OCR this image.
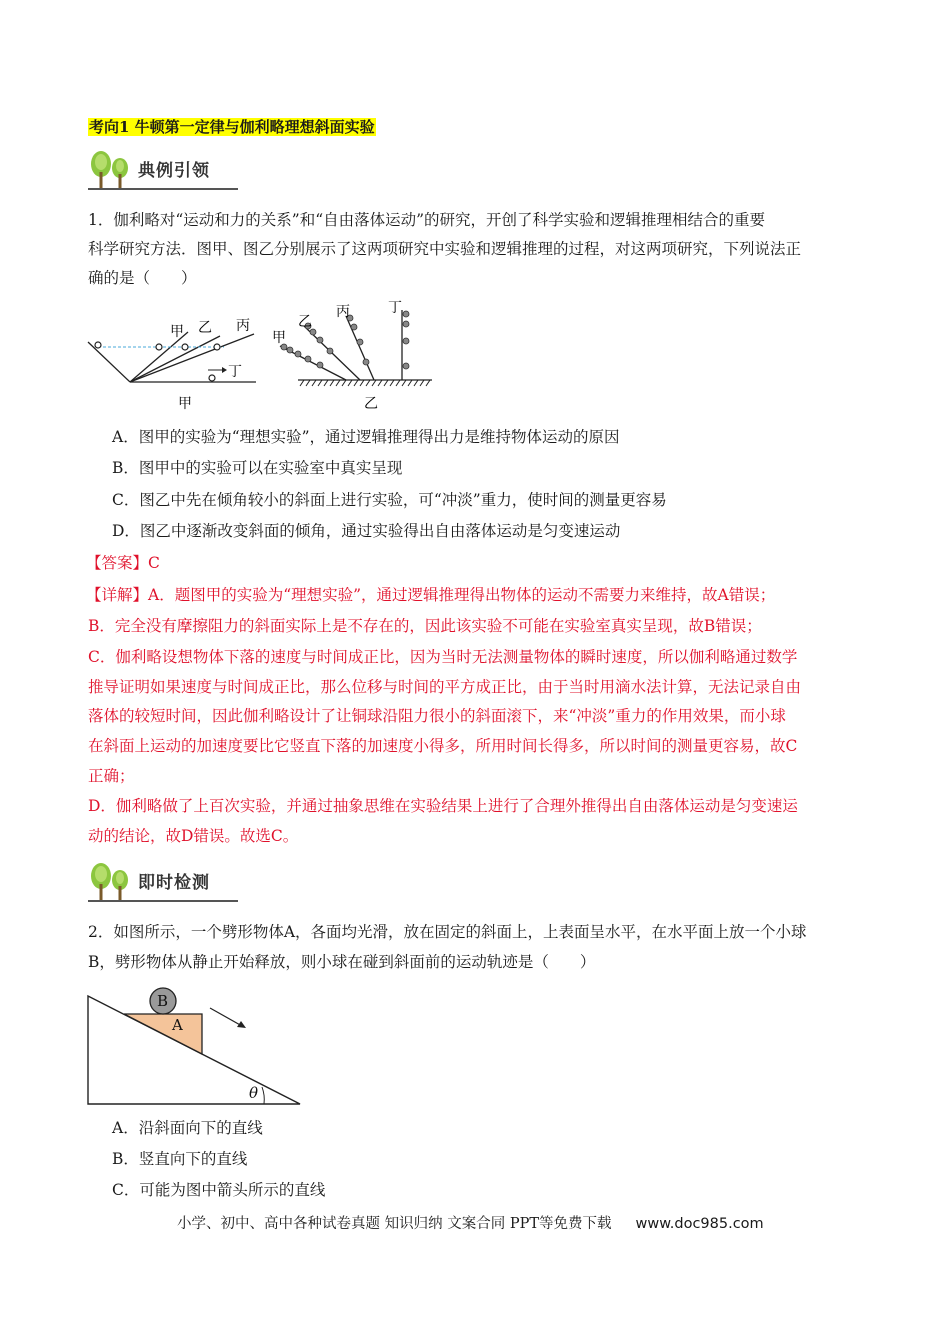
考向1 牛顿第一定律与伽利略理想斜面实验
典例引领
1．伽利略对“运动和力的关系”和“自由落体运动”的研究，开创了科学实验和逻辑推理相结合的重要
科学研究方法．图甲、图乙分别展示了这两项研究中实验和逻辑推理的过程，对这两项研究，下列说法正
确的是（　　）
甲 乙 丙
丁
甲
甲
乙
丙	丁
乙
A．图甲的实验为“理想实验”，通过逻辑推理得出力是维持物体运动的原因
B．图甲中的实验可以在实验室中真实呈现
C．图乙中先在倾角较小的斜面上进行实验，可“冲淡”重力，使时间的测量更容易
D．图乙中逐渐改变斜面的倾角，通过实验得出自由落体运动是匀变速运动
【答案】C
【详解】A．题图甲的实验为“理想实验”，通过逻辑推理得出物体的运动不需要力来维持，故A错误；
B．完全没有摩擦阻力的斜面实际上是不存在的，因此该实验不可能在实验室真实呈现，故B错误；
C．伽利略设想物体下落的速度与时间成正比，因为当时无法测量物体的瞬时速度，所以伽利略通过数学
推导证明如果速度与时间成正比，那么位移与时间的平方成正比，由于当时用滴水法计算，无法记录自由
落体的较短时间，因此伽利略设计了让铜球沿阻力很小的斜面滚下，来“冲淡”重力的作用效果，而小球
在斜面上运动的加速度要比它竖直下落的加速度小得多，所用时间长得多，所以时间的测量更容易，故C
正确；
D．伽利略做了上百次实验，并通过抽象思维在实验结果上进行了合理外推得出自由落体运动是匀变速运
动的结论，故D错误。故选C。
即时检测
2．如图所示，一个劈形物体A，各面均光滑，放在固定的斜面上，上表面呈水平，在水平面上放一个小球
B，劈形物体从静止开始释放，则小球在碰到斜面前的运动轨迹是（　　）
B
A
θ
A．沿斜面向下的直线
B．竖直向下的直线
C．可能为图中箭头所示的直线
小学、初中、高中各种试卷真题 知识归纳 文案合同 PPT等免费下载 www.doc985.com
